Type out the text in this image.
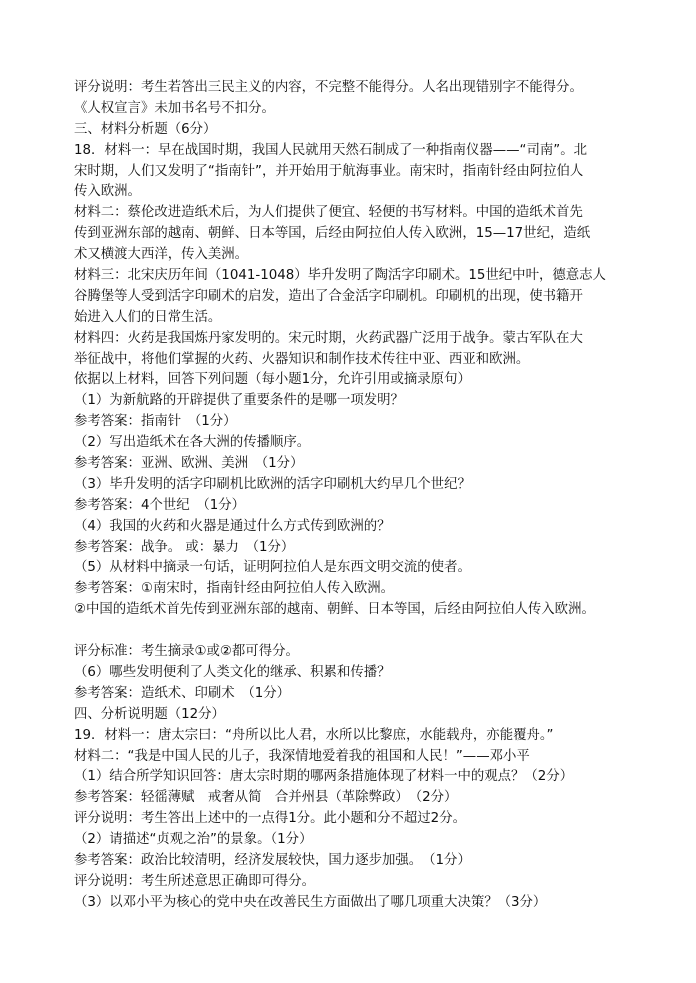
评分说明：考生若答出三民主义的内容，不完整不能得分。人名出现错别字不能得分。
《人权宣言》未加书名号不扣分。
三、材料分析题（6分）
18．材料一：早在战国时期，我国人民就用天然石制成了一种指南仪器——“司南”。北
宋时期，人们又发明了“指南针”，并开始用于航海事业。南宋时，指南针经由阿拉伯人
传入欧洲。
材料二：蔡伦改进造纸术后，为人们提供了便宜、轻便的书写材料。中国的造纸术首先
传到亚洲东部的越南、朝鲜、日本等国，后经由阿拉伯人传入欧洲，15—17世纪，造纸
术又横渡大西洋，传入美洲。
材料三：北宋庆历年间（1041-1048）毕升发明了陶活字印刷术。15世纪中叶，德意志人
谷腾堡等人受到活字印刷术的启发，造出了合金活字印刷机。印刷机的出现，使书籍开
始进入人们的日常生活。
材料四：火药是我国炼丹家发明的。宋元时期，火药武器广泛用于战争。蒙古军队在大
举征战中，将他们掌握的火药、火器知识和制作技术传往中亚、西亚和欧洲。
依据以上材料，回答下列问题（每小题1分，允许引用或摘录原句）
（1）为新航路的开辟提供了重要条件的是哪一项发明？
参考答案：指南针　（1分）
（2）写出造纸术在各大洲的传播顺序。
参考答案：亚洲、欧洲、美洲　（1分）
（3）毕升发明的活字印刷机比欧洲的活字印刷机大约早几个世纪？
参考答案：4个世纪　（1分）
（4）我国的火药和火器是通过什么方式传到欧洲的？
参考答案：战争。 或：暴力　（1分）
（5）从材料中摘录一句话，证明阿拉伯人是东西文明交流的使者。
参考答案：①南宋时，指南针经由阿拉伯人传入欧洲。
②中国的造纸术首先传到亚洲东部的越南、朝鲜、日本等国，后经由阿拉伯人传入欧洲。
评分标准：考生摘录①或②都可得分。
（6）哪些发明便利了人类文化的继承、积累和传播？
参考答案：造纸术、印刷术　（1分）
四、分析说明题（12分）
19．材料一：唐太宗曰：“舟所以比人君，水所以比黎庶，水能载舟，亦能覆舟。”
材料二：“我是中国人民的儿子，我深情地爱着我的祖国和人民！”——邓小平
（1）结合所学知识回答：唐太宗时期的哪两条措施体现了材料一中的观点？（2分）
参考答案：轻徭薄赋　戒奢从简　合并州县（革除弊政）　（2分）
评分说明：考生答出上述中的一点得1分。此小题和分不超过2分。
（2）请描述“贞观之治”的景象。（1分）
参考答案：政治比较清明，经济发展较快，国力逐步加强。　（1分）
评分说明：考生所述意思正确即可得分。
（3）以邓小平为核心的党中央在改善民生方面做出了哪几项重大决策？（3分）
